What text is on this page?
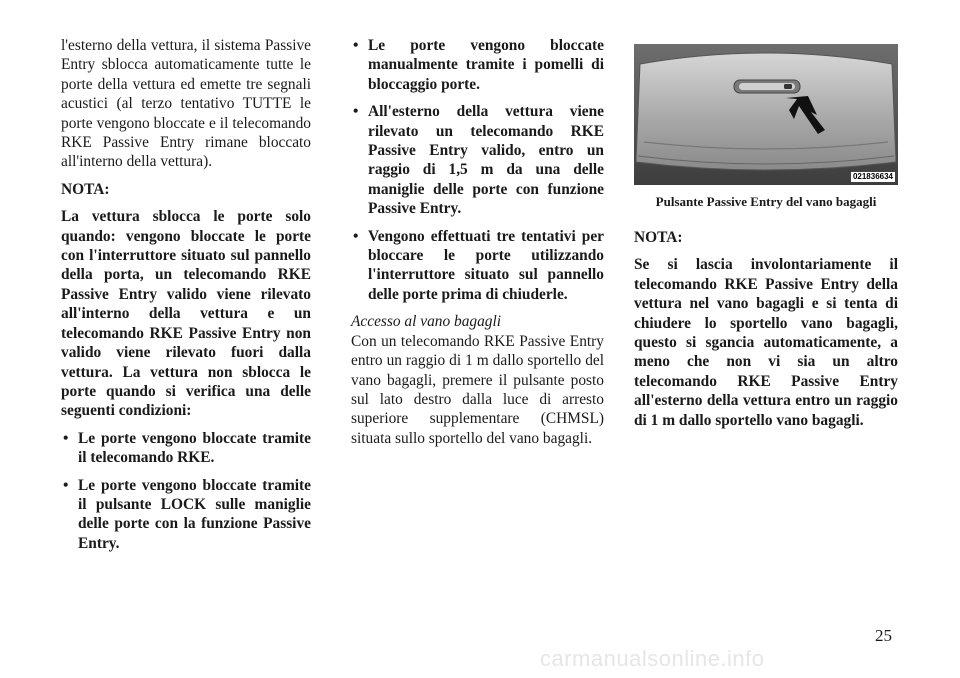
l'esterno della vettura, il sistema Passive Entry sblocca automaticamente tutte le porte della vettura ed emette tre segnali acustici (al terzo tentativo TUTTE le porte vengono bloccate e il telecomando RKE Passive Entry rimane bloccato all'interno della vettura).

NOTA:

La vettura sblocca le porte solo quando: vengono bloccate le porte con l'interruttore situato sul pannello della porta, un telecomando RKE Passive Entry valido viene rilevato all'interno della vettura e un telecomando RKE Passive Entry non valido viene rilevato fuori dalla vettura. La vettura non sblocca le porte quando si verifica una delle seguenti condizioni:

• Le porte vengono bloccate tramite il telecomando RKE.
• Le porte vengono bloccate tramite il pulsante LOCK sulle maniglie delle porte con la funzione Passive Entry.
• Le porte vengono bloccate manualmente tramite i pomelli di bloccaggio porte.
• All'esterno della vettura viene rilevato un telecomando RKE Passive Entry valido, entro un raggio di 1,5 m da una delle maniglie delle porte con funzione Passive Entry.
• Vengono effettuati tre tentativi per bloccare le porte utilizzando l'interruttore situato sul pannello delle porte prima di chiuderle.

Accesso al vano bagagli

Con un telecomando RKE Passive Entry entro un raggio di 1 m dallo sportello del vano bagagli, premere il pulsante posto sul lato destro dalla luce di arresto superiore supplementare (CHMSL) situata sullo sportello del vano bagagli.

021836634
Pulsante Passive Entry del vano bagagli

NOTA:

Se si lascia involontariamente il telecomando RKE Passive Entry della vettura nel vano bagagli e si tenta di chiudere lo sportello vano bagagli, questo si sgancia automaticamente, a meno che non vi sia un altro telecomando RKE Passive Entry all'esterno della vettura entro un raggio di 1 m dallo sportello vano bagagli.

25
carmanualsonline.info
